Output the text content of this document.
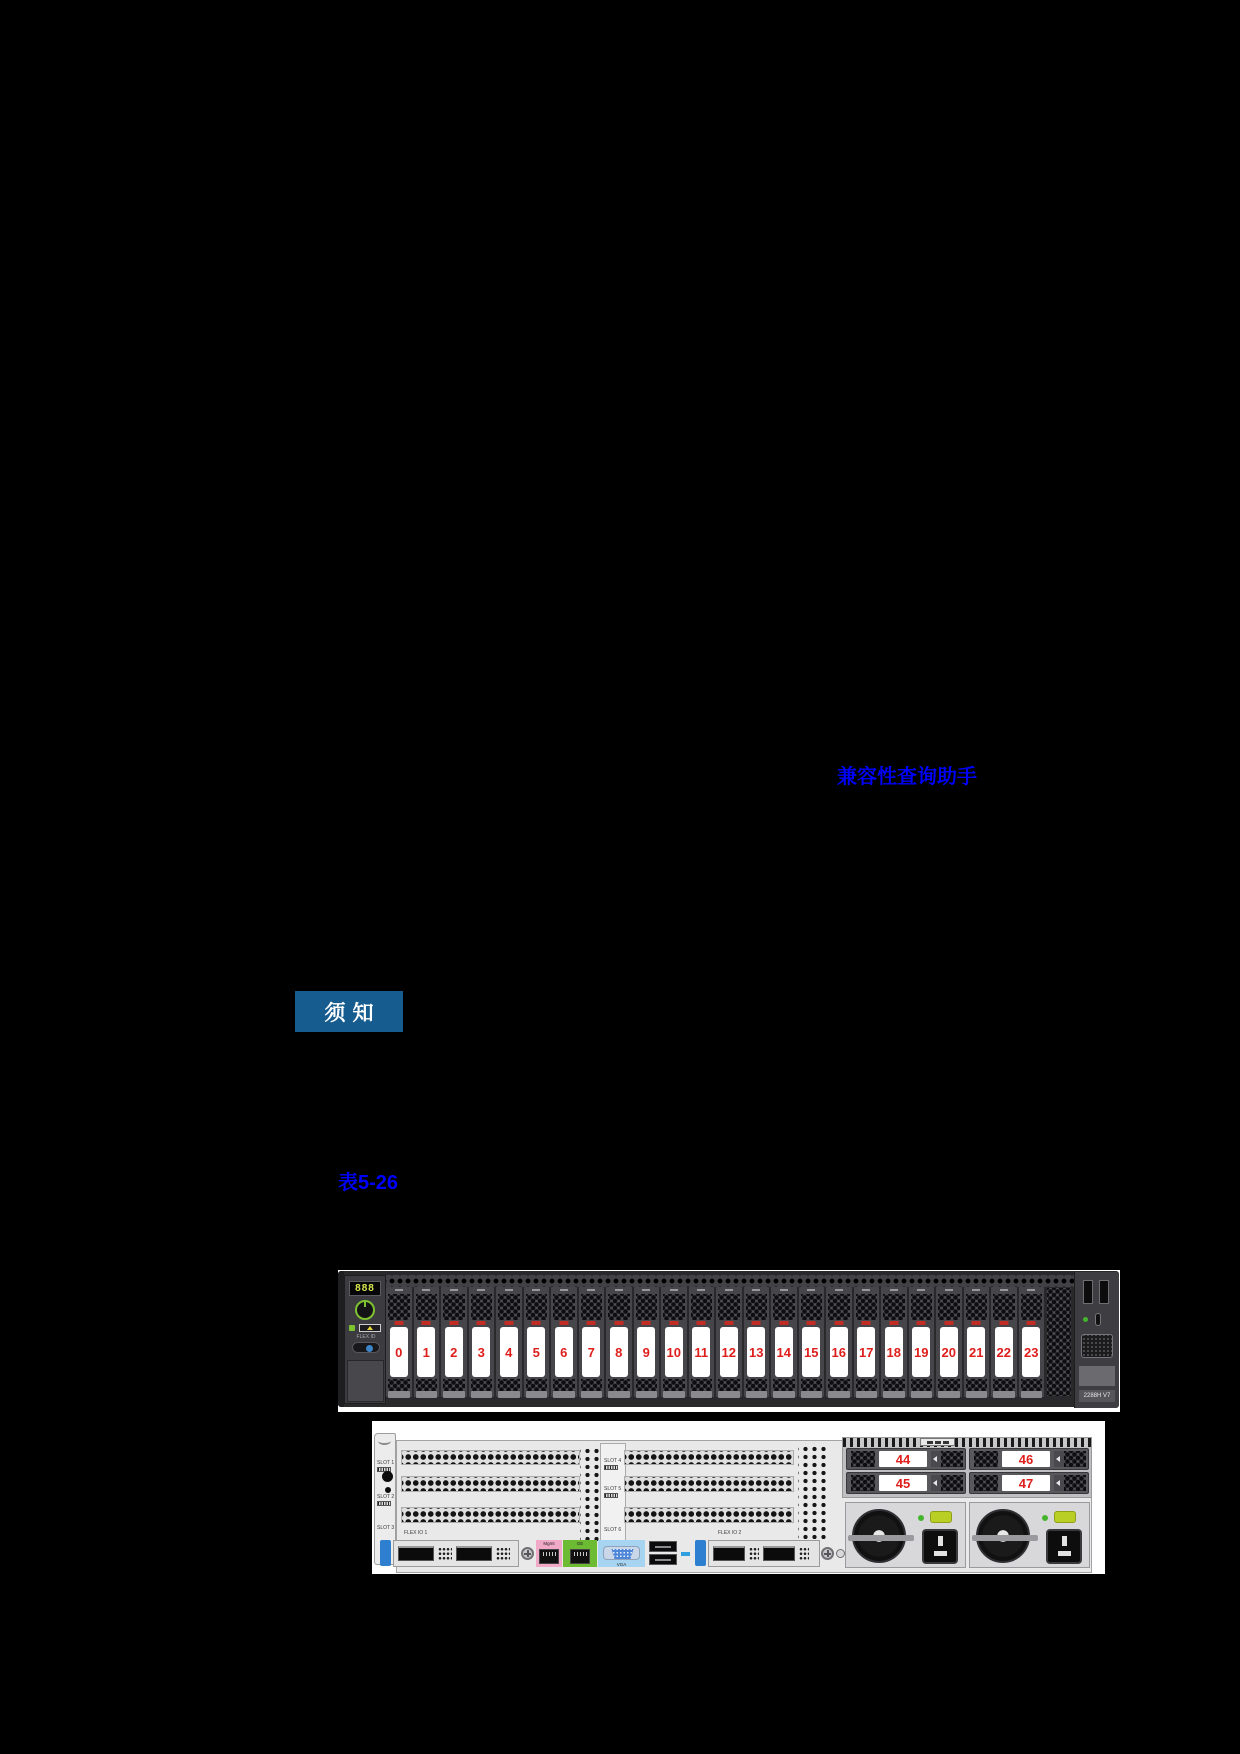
兼容性查询助手
须知
表5-26
888
FLEX ID
0	1	2	3	4	5	6	7	8	9	10 11 12 13 14 15 16 17 18 19 20 21 22 23
2288H V7
SLOT 1
SLOT 2
SLOT 3
SLOT 4
SLOT 5
SLOT 6
FLEX IO 1	FLEX IO 2
Mgmt	GE
VGA
44	46
45	47
